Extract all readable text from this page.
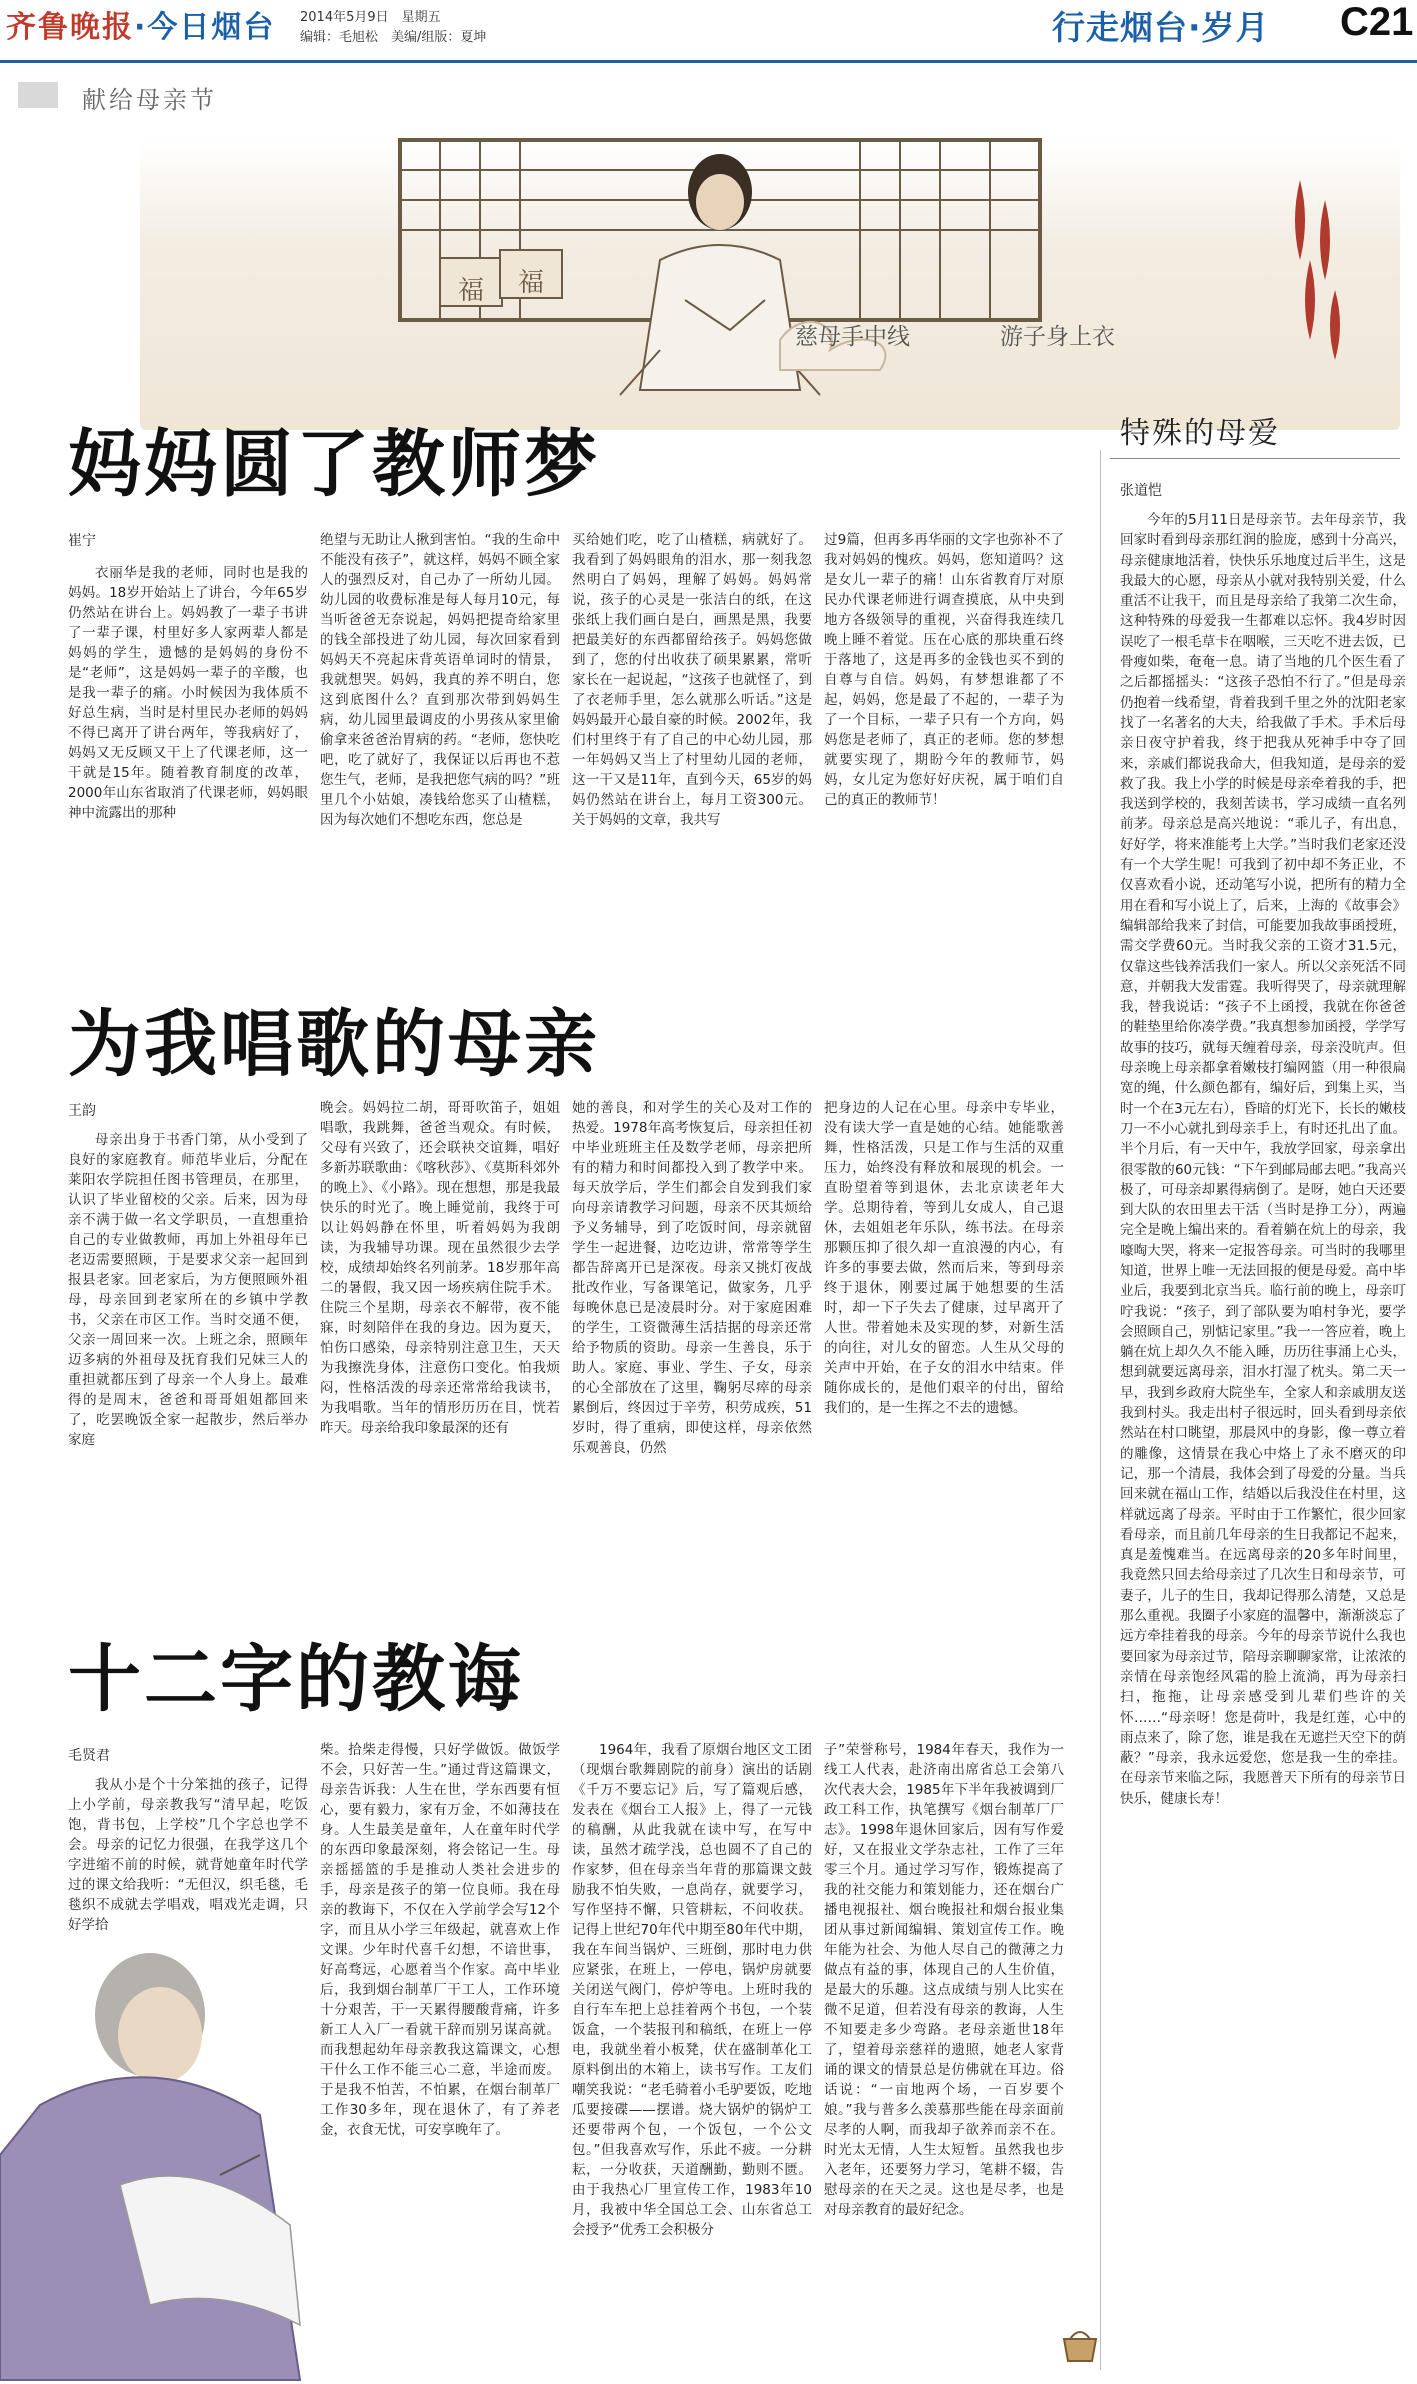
齐鲁晚报·今日烟台 2014年5月9日　星期五
编辑：毛旭松　美编/组版：夏坤	行走烟台·岁月 C21
献给母亲节
福 福
慈母手中线	游子身上衣
妈妈圆了教师梦
崔宁

衣丽华是我的老师，同时也是我的妈妈。18岁开始站上了讲台，今年65岁仍然站在讲台上。妈妈教了一辈子书讲了一辈子课，村里好多人家两辈人都是妈妈的学生，遗憾的是妈妈的身份不是“老师”，这是妈妈一辈子的辛酸，也是我一辈子的痛。小时候因为我体质不好总生病，当时是村里民办老师的妈妈不得已离开了讲台两年，等我病好了，妈妈又无反顾又干上了代课老师，这一干就是15年。随着教育制度的改革，2000年山东省取消了代课老师，妈妈眼神中流露出的那种

绝望与无助让人揪到害怕。“我的生命中不能没有孩子”，就这样，妈妈不顾全家人的强烈反对，自己办了一所幼儿园。幼儿园的收费标准是每人每月10元，每当听爸爸无奈说起，妈妈把提奇给家里的钱全部投进了幼儿园，每次回家看到妈妈天不亮起床背英语单词时的情景，我就想哭。妈妈，我真的养不明白，您这到底图什么？直到那次带到妈妈生病，幼儿园里最调皮的小男孩从家里偷偷拿来爸爸治胃病的药。“老师，您快吃吧，吃了就好了，我保证以后再也不惹您生气，老师，是我把您气病的吗？”班里几个小姑娘，凑钱给您买了山楂糕，因为每次她们不想吃东西，您总是

买给她们吃，吃了山楂糕，病就好了。我看到了妈妈眼角的泪水，那一刻我忽然明白了妈妈，理解了妈妈。妈妈常说，孩子的心灵是一张洁白的纸，在这张纸上我们画白是白，画黑是黑，我要把最美好的东西都留给孩子。妈妈您做到了，您的付出收获了硕果累累，常听家长在一起说起，“这孩子也就怪了，到了衣老师手里，怎么就那么听话。”这是妈妈最开心最自豪的时候。2002年，我们村里终于有了自己的中心幼儿园，那一年妈妈又当上了村里幼儿园的老师，这一干又是11年，直到今天，65岁的妈妈仍然站在讲台上，每月工资300元。关于妈妈的文章，我共写

过9篇，但再多再华丽的文字也弥补不了我对妈妈的愧疚。妈妈，您知道吗？这是女儿一辈子的痛！山东省教育厅对原民办代课老师进行调查摸底，从中央到地方各级领导的重视，兴奋得我连续几晚上睡不着觉。压在心底的那块重石终于落地了，这是再多的金钱也买不到的自尊与自信。妈妈，有梦想谁都了不起，妈妈，您是最了不起的，一辈子为了一个目标，一辈子只有一个方向，妈妈您是老师了，真正的老师。您的梦想就要实现了，期盼今年的教师节，妈妈，女儿定为您好好庆祝，属于咱们自己的真正的教师节！

为我唱歌的母亲
王韵

母亲出身于书香门第，从小受到了良好的家庭教育。师范毕业后，分配在莱阳农学院担任图书管理员，在那里，认识了毕业留校的父亲。后来，因为母亲不满于做一名文学职员，一直想重拾自己的专业做教师，再加上外祖母年已老迈需要照顾，于是要求父亲一起回到报县老家。回老家后，为方便照顾外祖母，母亲回到老家所在的乡镇中学教书，父亲在市区工作。当时交通不便，父亲一周回来一次。上班之余，照顾年迈多病的外祖母及抚育我们兄妹三人的重担就都压到了母亲一个人身上。最难得的是周末，爸爸和哥哥姐姐都回来了，吃罢晚饭全家一起散步，然后举办家庭

晚会。妈妈拉二胡，哥哥吹笛子，姐姐唱歌，我跳舞，爸爸当观众。有时候，父母有兴致了，还会联袂交谊舞，唱好多新苏联歌曲：《喀秋莎》、《莫斯科郊外的晚上》、《小路》。现在想想，那是我最快乐的时光了。晚上睡觉前，我终于可以让妈妈静在怀里，听着妈妈为我朗读，为我辅导功课。现在虽然很少去学校，成绩却始终名列前茅。18岁那年高二的暑假，我又因一场疾病住院手术。住院三个星期，母亲衣不解带，夜不能寐，时刻陪伴在我的身边。因为夏天，怕伤口感染，母亲特别注意卫生，天天为我擦洗身体，注意伤口变化。怕我烦闷，性格活泼的母亲还常常给我读书，为我唱歌。当年的情形历历在目，恍若昨天。母亲给我印象最深的还有

她的善良，和对学生的关心及对工作的热爱。1978年高考恢复后，母亲担任初中毕业班班主任及数学老师，母亲把所有的精力和时间都投入到了教学中来。每天放学后，学生们都会自发到我们家向母亲请教学习问题，母亲不厌其烦给予义务辅导，到了吃饭时间，母亲就留学生一起进餐，边吃边讲，常常等学生都告辞离开已是深夜。母亲又挑灯夜战批改作业，写备课笔记，做家务，几乎每晚休息已是凌晨时分。对于家庭困难的学生，工资微薄生活拮据的母亲还常给予物质的资助。母亲一生善良，乐于助人。家庭、事业、学生、子女，母亲的心全部放在了这里，鞠躬尽瘁的母亲累倒后，终因过于辛劳，积劳成疾，51岁时，得了重病，即使这样，母亲依然乐观善良，仍然

把身边的人记在心里。母亲中专毕业，没有读大学一直是她的心结。她能歌善舞，性格活泼，只是工作与生活的双重压力，始终没有释放和展现的机会。一直盼望着等到退休，去北京读老年大学。总期待着，等到儿女成人，自己退休，去姐姐老年乐队，练书法。在母亲那颗压抑了很久却一直浪漫的内心，有许多的事要去做，然而后来，等到母亲终于退休，刚要过属于她想要的生活时，却一下子失去了健康，过早离开了人世。带着她未及实现的梦，对新生活的向往，对儿女的留恋。人生从父母的关声中开始，在子女的泪水中结束。伴随你成长的，是他们艰辛的付出，留给我们的，是一生挥之不去的遗憾。

十二字的教诲
毛贤君

我从小是个十分笨拙的孩子，记得上小学前，母亲教我写“清早起，吃饭饱，背书包，上学校”几个字总也学不会。母亲的记忆力很强，在我学这几个字进缩不前的时候，就背她童年时代学过的课文给我听：“无但汉，织毛毯，毛毯织不成就去学唱戏，唱戏光走调，只好学拾

柴。拾柴走得慢，只好学做饭。做饭学不会，只好苦一生。”通过背这篇课文，母亲告诉我：人生在世，学东西要有恒心，要有毅力，家有万金，不如薄技在身。人生最美是童年，人在童年时代学的东西印象最深刻，将会铭记一生。母亲摇摇篮的手是推动人类社会进步的手，母亲是孩子的第一位良师。我在母亲的教诲下，不仅在入学前学会写12个字，而且从小学三年级起，就喜欢上作文课。少年时代喜千幻想，不谙世事，好高骛远，心愿着当个作家。高中毕业后，我到烟台制革厂干工人，工作环境十分艰苦，干一天累得腰酸背痛，许多新工人入厂一看就干辞而别另谋高就。而我想起幼年母亲教我这篇课文，心想干什么工作不能三心二意，半途而废。于是我不怕苦，不怕累，在烟台制革厂工作30多年，现在退休了，有了养老金，衣食无忧，可安享晚年了。

1964年，我看了原烟台地区文工团（现烟台歌舞剧院的前身）演出的话剧《千万不要忘记》后，写了篇观后感，发表在《烟台工人报》上，得了一元钱的稿酬，从此我就在读中写，在写中读，虽然才疏学浅，总也圆不了自己的作家梦，但在母亲当年背的那篇课文鼓励我不怕失败，一息尚存，就要学习，写作坚持不懈，只管耕耘，不问收获。记得上世纪70年代中期至80年代中期，我在车间当锅炉、三班倒，那时电力供应紧张，在班上，一停电，锅炉房就要关闭送气阀门，停炉等电。上班时我的自行车车把上总挂着两个书包，一个装饭盒，一个装报刊和稿纸，在班上一停电，我就坐着小板凳，伏在盛制革化工原料倒出的木箱上，读书写作。工友们嘲笑我说：“老毛骑着小毛驴要饭，吃地瓜要接碟——摆谱。烧大锅炉的锅炉工还要带两个包，一个饭包，一个公文包。”但我喜欢写作，乐此不疲。一分耕耘，一分收获，天道酬勤，勤则不匮。由于我热心厂里宣传工作，1983年10月，我被中华全国总工会、山东省总工会授予“优秀工会积极分

子”荣誉称号，1984年春天，我作为一线工人代表，赴济南出席省总工会第八次代表大会，1985年下半年我被调到厂政工科工作，执笔撰写《烟台制革厂厂志》。1998年退休回家后，因有写作爱好，又在报业文学杂志社，工作了三年零三个月。通过学习写作，锻炼提高了我的社交能力和策划能力，还在烟台广播电视报社、烟台晚报社和烟台报业集团从事过新闻编辑、策划宣传工作。晚年能为社会、为他人尽自己的微薄之力做点有益的事，体现自己的人生价值，是最大的乐趣。这点成绩与别人比实在微不足道，但若没有母亲的教诲，人生不知要走多少弯路。老母亲逝世18年了，望着母亲慈祥的遗照，她老人家背诵的课文的情景总是仿佛就在耳边。俗话说：“一亩地两个场，一百岁要个娘。”我与普多么羡慕那些能在母亲面前尽孝的人啊，而我却子欲养而亲不在。时光太无情，人生太短暂。虽然我也步入老年，还要努力学习，笔耕不辍，告慰母亲的在天之灵。这也是尽孝，也是对母亲教育的最好纪念。

特殊的母爱
张道恺

今年的5月11日是母亲节。去年母亲节，我回家时看到母亲那红润的脸庞，感到十分高兴，母亲健康地活着，快快乐乐地度过后半生，这是我最大的心愿，母亲从小就对我特别关爱，什么重活不让我干，而且是母亲给了我第二次生命，这种特殊的母爱我一生都难以忘怀。我4岁时因误吃了一根毛草卡在咽喉，三天吃不进去饭，已骨瘦如柴，奄奄一息。请了当地的几个医生看了之后都摇摇头：“这孩子恐怕不行了。”但是母亲仍抱着一线希望，背着我到千里之外的沈阳老家找了一名著名的大夫，给我做了手术。手术后母亲日夜守护着我，终于把我从死神手中夺了回来，亲戚们都说我命大，但我知道，是母亲的爱救了我。我上小学的时候是母亲牵着我的手，把我送到学校的，我刻苦读书，学习成绩一直名列前茅。母亲总是高兴地说：“乖儿子，有出息，好好学，将来准能考上大学。”当时我们老家还没有一个大学生呢！可我到了初中却不务正业，不仅喜欢看小说，还动笔写小说，把所有的精力全用在看和写小说上了，后来，上海的《故事会》编辑部给我来了封信，可能要加我故事函授班，需交学费60元。当时我父亲的工资才31.5元，仅靠这些钱养活我们一家人。所以父亲死活不同意，并朝我大发雷霆。我听得哭了，母亲就理解我，替我说话：“孩子不上函授，我就在你爸爸的鞋垫里给你凑学费。”我真想参加函授，学学写故事的技巧，就每天缠着母亲，母亲没吭声。但母亲晚上母亲都拿着嫩枝打编网篮（用一种很扁宽的绳，什么颜色都有，编好后，到集上买，当时一个在3元左右），昏暗的灯光下，长长的嫩枝刀一不小心就扎到母亲手上，有时还扎出了血。半个月后，有一天中午，我放学回家，母亲拿出很零散的60元钱：“下午到邮局邮去吧。”我高兴极了，可母亲却累得病倒了。是呀，她白天还要到大队的农田里去干活（当时是挣工分），两遍完全是晚上编出来的。看着躺在炕上的母亲，我嚎啕大哭，将来一定报答母亲。可当时的我哪里知道，世界上唯一无法回报的便是母爱。高中毕业后，我要到北京当兵。临行前的晚上，母亲叮咛我说：“孩子，到了部队要为咱村争光，要学会照顾自己，别惦记家里。”我一一答应着，晚上躺在炕上却久久不能入睡，历历往事涌上心头，想到就要远离母亲，泪水打湿了枕头。第二天一早，我到乡政府大院坐车，全家人和亲戚朋友送我到村头。我走出村子很远时，回头看到母亲依然站在村口眺望，那晨风中的身影，像一尊立着的雕像，这情景在我心中烙上了永不磨灭的印记，那一个清晨，我体会到了母爱的分量。当兵回来就在福山工作，结婚以后我没住在村里，这样就远离了母亲。平时由于工作繁忙，很少回家看母亲，而且前几年母亲的生日我都记不起来，真是羞愧难当。在远离母亲的20多年时间里，我竟然只回去给母亲过了几次生日和母亲节，可妻子，儿子的生日，我却记得那么清楚，又总是那么重视。我圈子小家庭的温馨中，渐渐淡忘了远方牵挂着我的母亲。今年的母亲节说什么我也要回家为母亲过节，陪母亲聊聊家常，让浓浓的亲情在母亲饱经风霜的脸上流淌，再为母亲扫扫，拖拖，让母亲感受到儿辈们些许的关怀……“母亲呀！您是荷叶，我是红莲，心中的雨点来了，除了您，谁是我在无遮拦天空下的荫蔽？”母亲，我永远爱您，您是我一生的牵挂。在母亲节来临之际，我愿普天下所有的母亲节日快乐，健康长寿！
